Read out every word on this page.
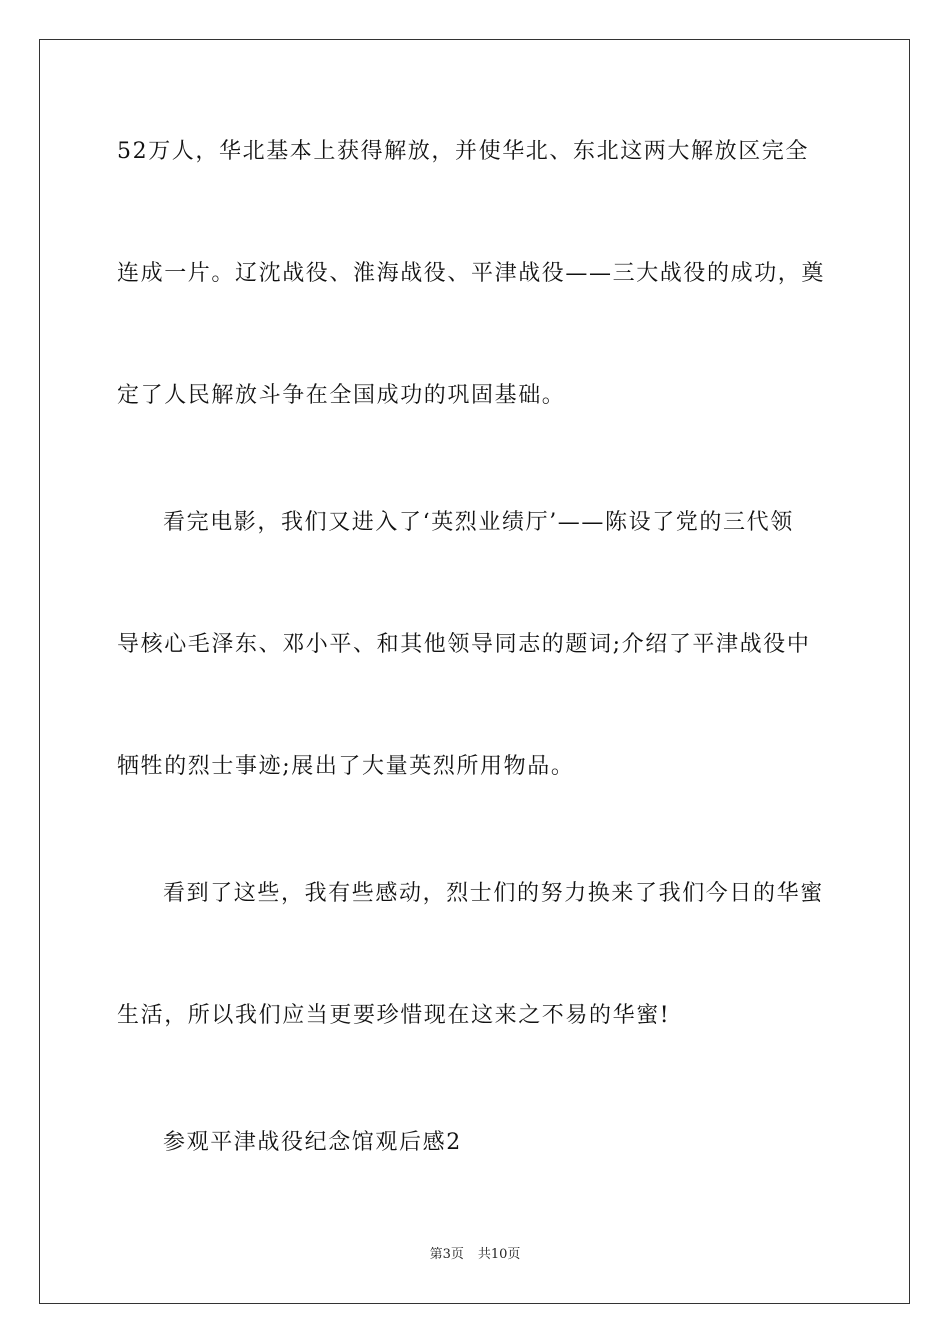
52万人，华北基本上获得解放，并使华北、东北这两大解放区完全
连成一片。辽沈战役、淮海战役、平津战役——三大战役的成功，奠
定了人民解放斗争在全国成功的巩固基础。
看完电影，我们又进入了‘英烈业绩厅’——陈设了党的三代领
导核心毛泽东、邓小平、和其他领导同志的题词;介绍了平津战役中
牺牲的烈士事迹;展出了大量英烈所用物品。
看到了这些，我有些感动，烈士们的努力换来了我们今日的华蜜
生活，所以我们应当更要珍惜现在这来之不易的华蜜!
参观平津战役纪念馆观后感2
第3页 共10页
